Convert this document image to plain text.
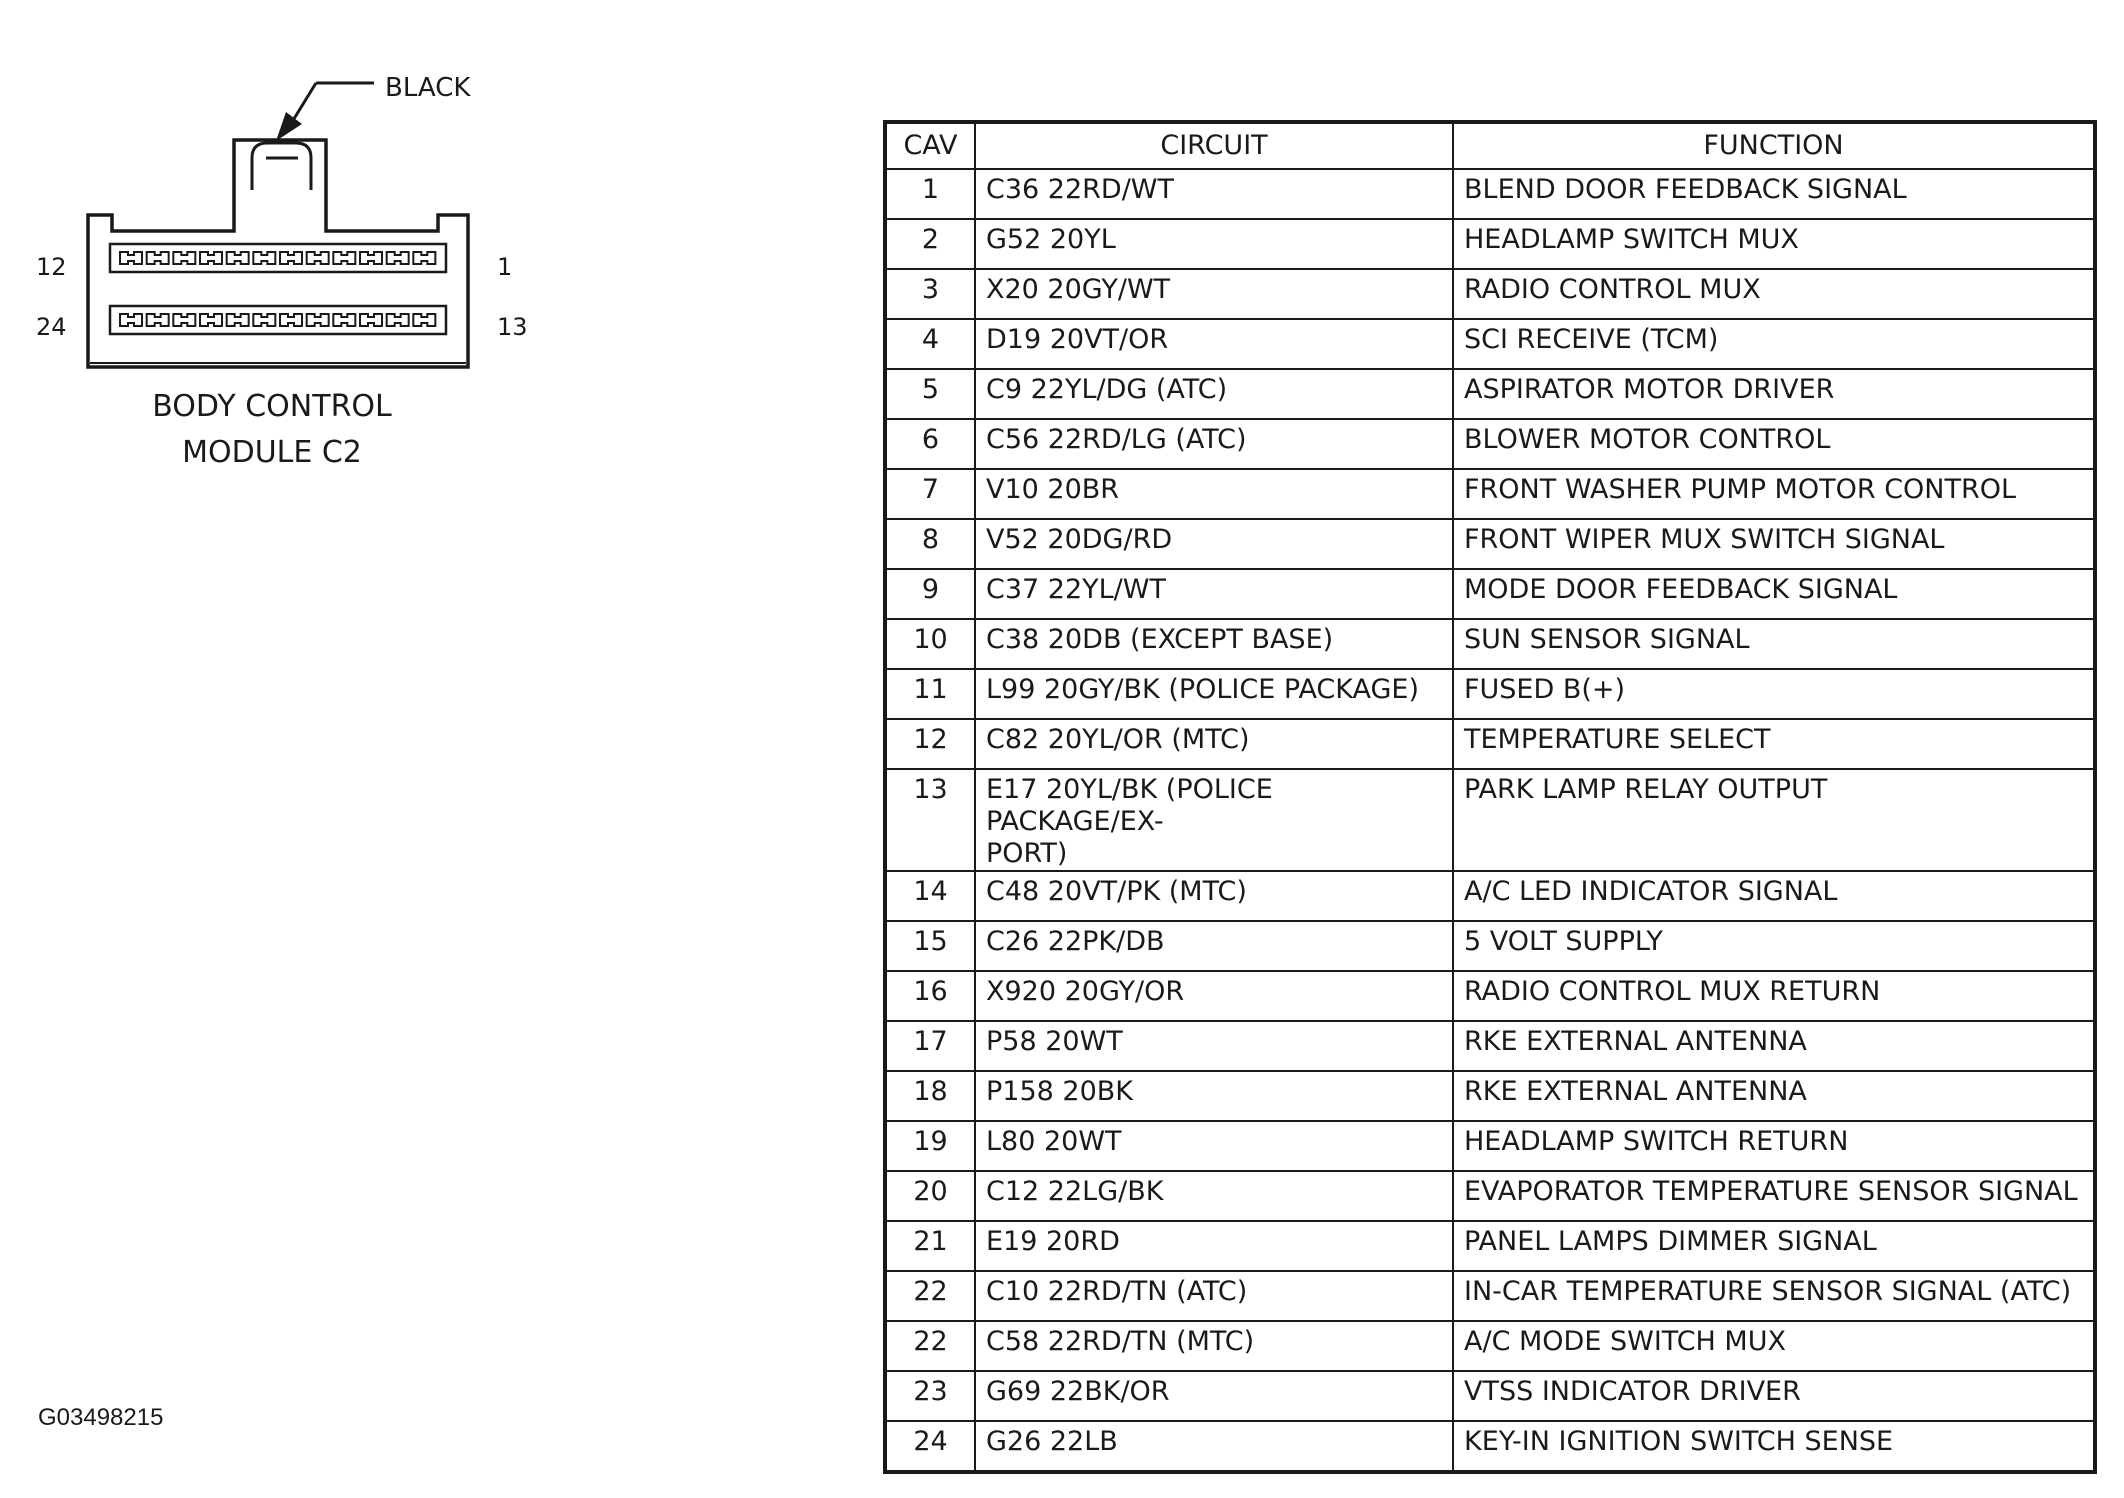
BLACK
12	1
24	13
BODY CONTROL
MODULE C2
CAV	CIRCUIT	FUNCTION
1	C36 22RD/WT	BLEND DOOR FEEDBACK SIGNAL
2	G52 20YL	HEADLAMP SWITCH MUX
3	X20 20GY/WT	RADIO CONTROL MUX
4	D19 20VT/OR	SCI RECEIVE (TCM)
5	C9 22YL/DG (ATC)	ASPIRATOR MOTOR DRIVER
6	C56 22RD/LG (ATC)	BLOWER MOTOR CONTROL
7	V10 20BR	FRONT WASHER PUMP MOTOR CONTROL
8	V52 20DG/RD	FRONT WIPER MUX SWITCH SIGNAL
9	C37 22YL/WT	MODE DOOR FEEDBACK SIGNAL
10	C38 20DB (EXCEPT BASE)	SUN SENSOR SIGNAL
11	L99 20GY/BK (POLICE PACKAGE)	FUSED B(+)
12	C82 20YL/OR (MTC)	TEMPERATURE SELECT
13	E17 20YL/BK (POLICE PACKAGE/EX-
PORT)	PARK LAMP RELAY OUTPUT
14	C48 20VT/PK (MTC)	A/C LED INDICATOR SIGNAL
15	C26 22PK/DB	5 VOLT SUPPLY
16	X920 20GY/OR	RADIO CONTROL MUX RETURN
17	P58 20WT	RKE EXTERNAL ANTENNA
18	P158 20BK	RKE EXTERNAL ANTENNA
19	L80 20WT	HEADLAMP SWITCH RETURN
20	C12 22LG/BK	EVAPORATOR TEMPERATURE SENSOR SIGNAL
21	E19 20RD	PANEL LAMPS DIMMER SIGNAL
22	C10 22RD/TN (ATC)	IN-CAR TEMPERATURE SENSOR SIGNAL (ATC)
22	C58 22RD/TN (MTC)	A/C MODE SWITCH MUX
23	G69 22BK/OR	VTSS INDICATOR DRIVER
24	G26 22LB	KEY-IN IGNITION SWITCH SENSE
G03498215
